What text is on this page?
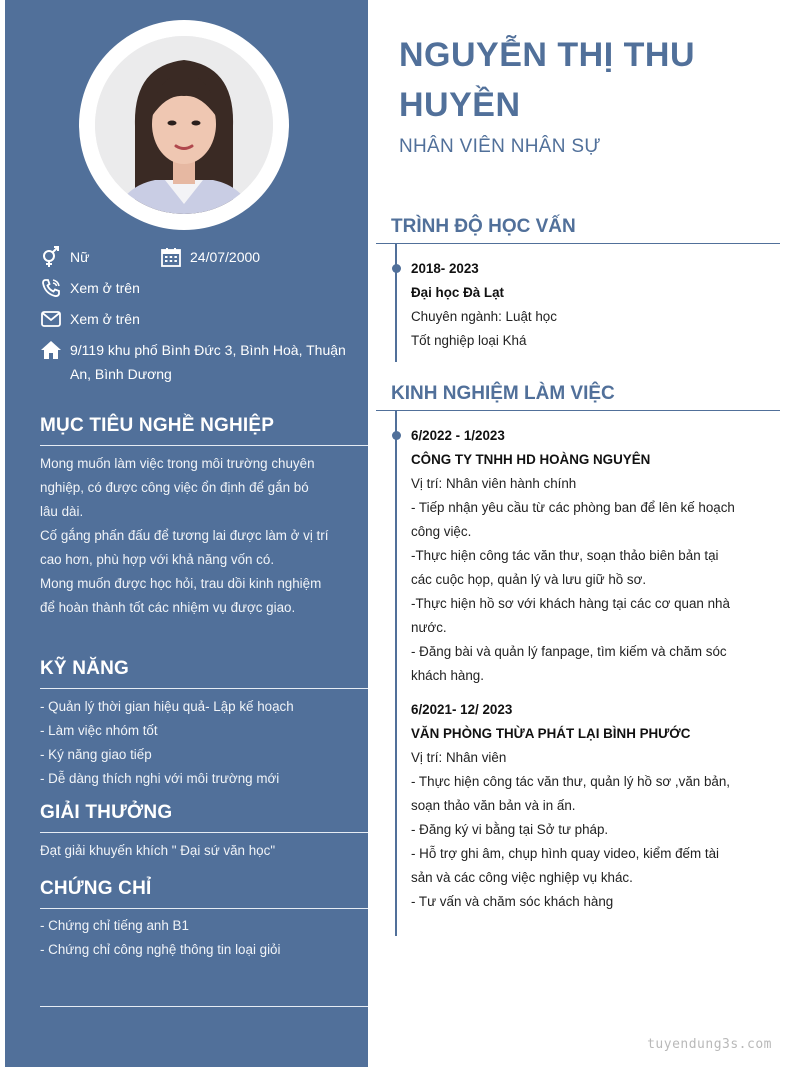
Nữ	24/07/2000
Xem ở trên
Xem ở trên
9/119 khu phố Bình Đức 3, Bình Hoà, Thuận
An, Bình Dương
MỤC TIÊU NGHỀ NGHIỆP

Mong muốn làm việc trong môi trường chuyên

nghiệp, có được công việc ổn định để gắn bó

lâu dài.

Cố gắng phấn đấu để tương lai được làm ở vị trí

cao hơn, phù hợp với khả năng vốn có.

Mong muốn được học hỏi, trau dồi kinh nghiệm

để hoàn thành tốt các nhiệm vụ được giao.

KỸ NĂNG
- Quản lý thời gian hiệu quả- Lập kế hoạch
- Làm việc nhóm tốt
- Ký năng giao tiếp
- Dễ dàng thích nghi với môi trường mới
GIẢI THƯỞNG
Đạt giải khuyến khích " Đại sứ văn học"
CHỨNG CHỈ
- Chứng chỉ tiếng anh B1
- Chứng chỉ công nghệ thông tin loại giỏi
NGUYỄN THỊ THU
HUYỀN
NHÂN VIÊN NHÂN SỰ
TRÌNH ĐỘ HỌC VẤN
2018- 2023
Đại học Đà Lạt
Chuyên ngành: Luật học
Tốt nghiệp loại Khá
KINH NGHIỆM LÀM VIỆC
6/2022 - 1/2023
CÔNG TY TNHH HD HOÀNG NGUYÊN
Vị trí: Nhân viên hành chính

- Tiếp nhận yêu cầu từ các phòng ban để lên kế hoạch

công việc.

-Thực hiện công tác văn thư, soạn thảo biên bản tại

các cuộc họp, quản lý và lưu giữ hồ sơ.

-Thực hiện hồ sơ với khách hàng tại các cơ quan nhà

nước.

- Đăng bài và quản lý fanpage, tìm kiếm và chăm sóc

khách hàng.

6/2021- 12/ 2023
VĂN PHÒNG THỪA PHÁT LẠI BÌNH PHƯỚC
Vị trí: Nhân viên

- Thực hiện công tác văn thư, quản lý hồ sơ ,văn bản,

soạn thảo văn bản và in ấn.

- Đăng ký vi bằng tại Sở tư pháp.

- Hỗ trợ ghi âm, chụp hình quay video, kiểm đếm tài

sản và các công việc nghiệp vụ khác.

- Tư vấn và chăm sóc khách hàng

tuyendung3s.com
